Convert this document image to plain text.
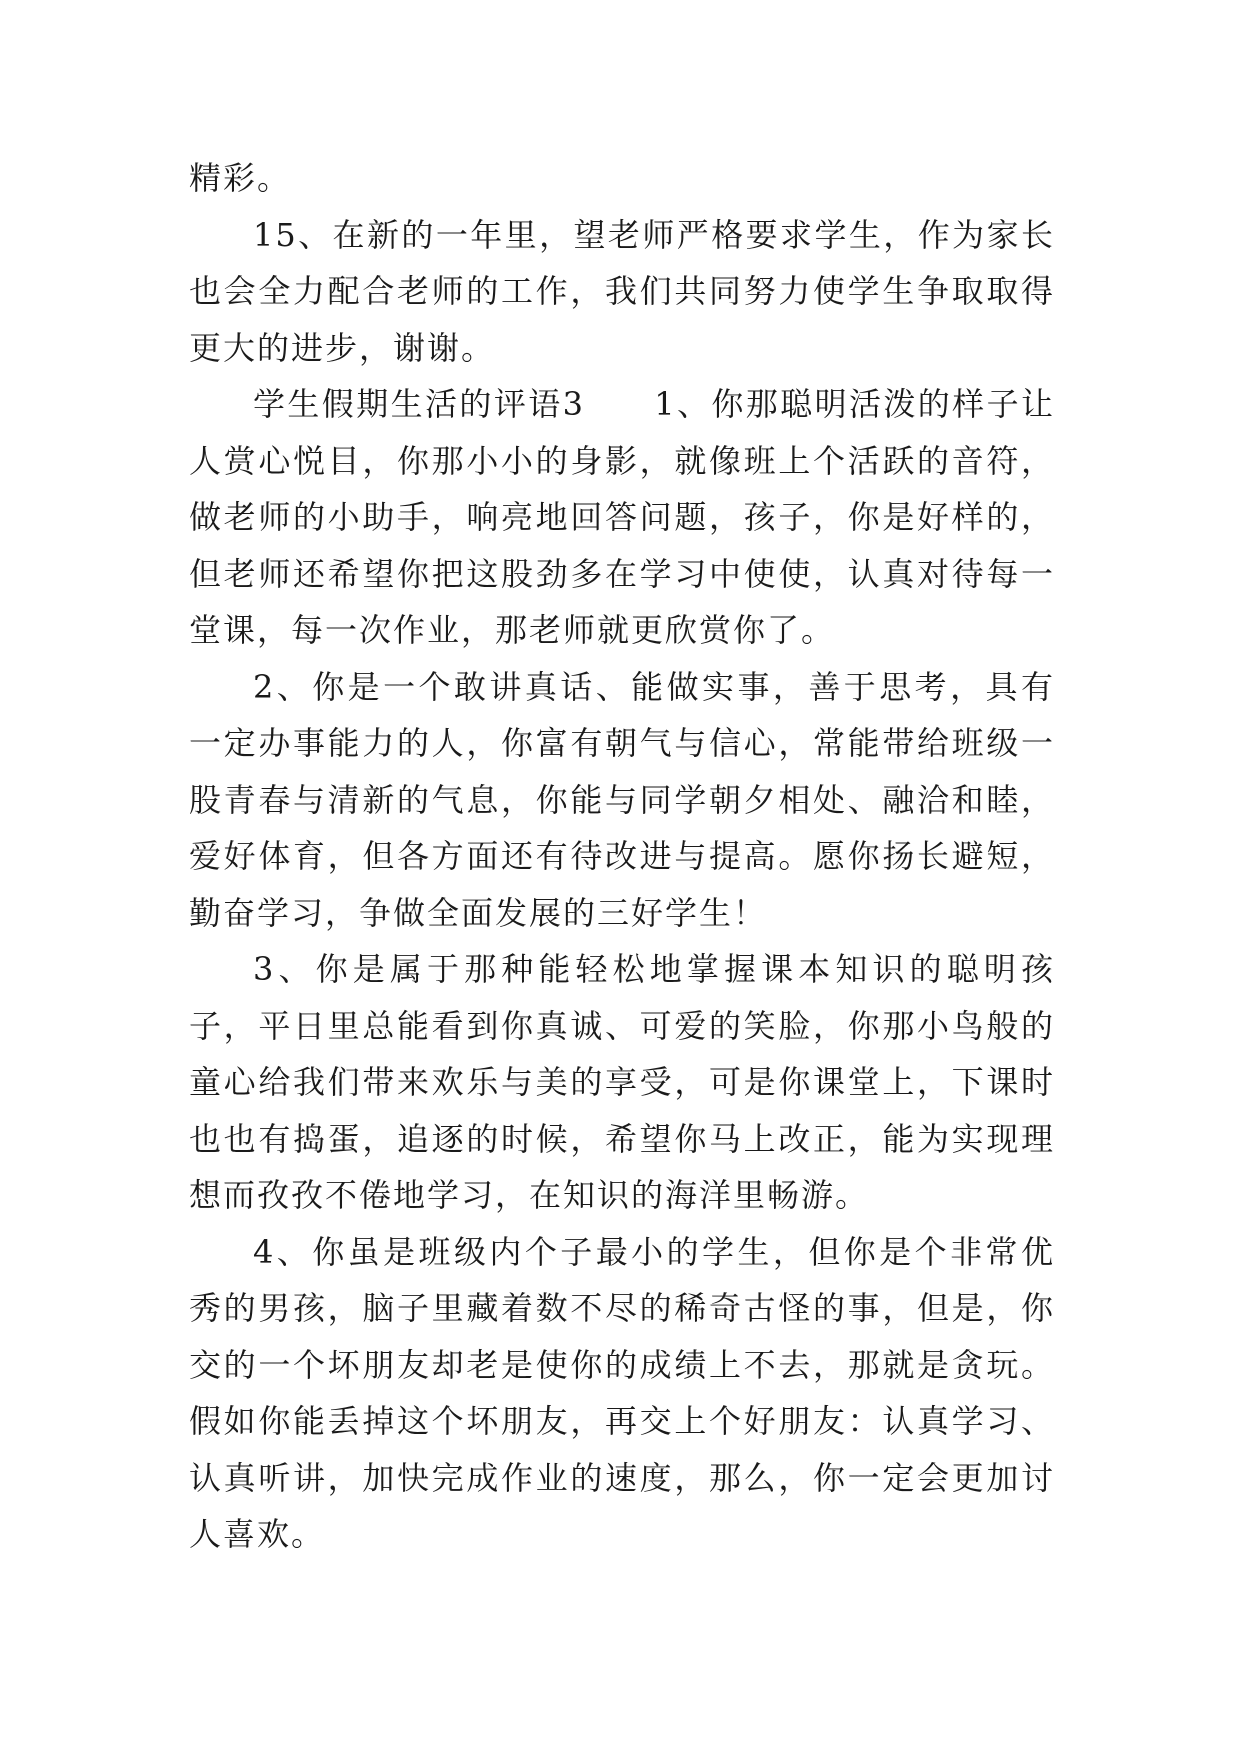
精彩。

15、在新的一年里，望老师严格要求学生，作为家长也会全力配合老师的工作，我们共同努力使学生争取取得更大的进步，谢谢。

学生假期生活的评语3　　1、你那聪明活泼的样子让人赏心悦目，你那小小的身影，就像班上个活跃的音符，做老师的小助手，响亮地回答问题，孩子，你是好样的，但老师还希望你把这股劲多在学习中使使，认真对待每一堂课，每一次作业，那老师就更欣赏你了。

2、你是一个敢讲真话、能做实事，善于思考，具有一定办事能力的人，你富有朝气与信心，常能带给班级一股青春与清新的气息，你能与同学朝夕相处、融洽和睦，爱好体育，但各方面还有待改进与提高。愿你扬长避短，勤奋学习，争做全面发展的三好学生！

3、你是属于那种能轻松地掌握课本知识的聪明孩子，平日里总能看到你真诚、可爱的笑脸，你那小鸟般的童心给我们带来欢乐与美的享受，可是你课堂上，下课时也也有捣蛋，追逐的时候，希望你马上改正，能为实现理想而孜孜不倦地学习，在知识的海洋里畅游。

4、你虽是班级内个子最小的学生，但你是个非常优秀的男孩，脑子里藏着数不尽的稀奇古怪的事，但是，你交的一个坏朋友却老是使你的成绩上不去，那就是贪玩。假如你能丢掉这个坏朋友，再交上个好朋友：认真学习、认真听讲，加快完成作业的速度，那么，你一定会更加讨人喜欢。
